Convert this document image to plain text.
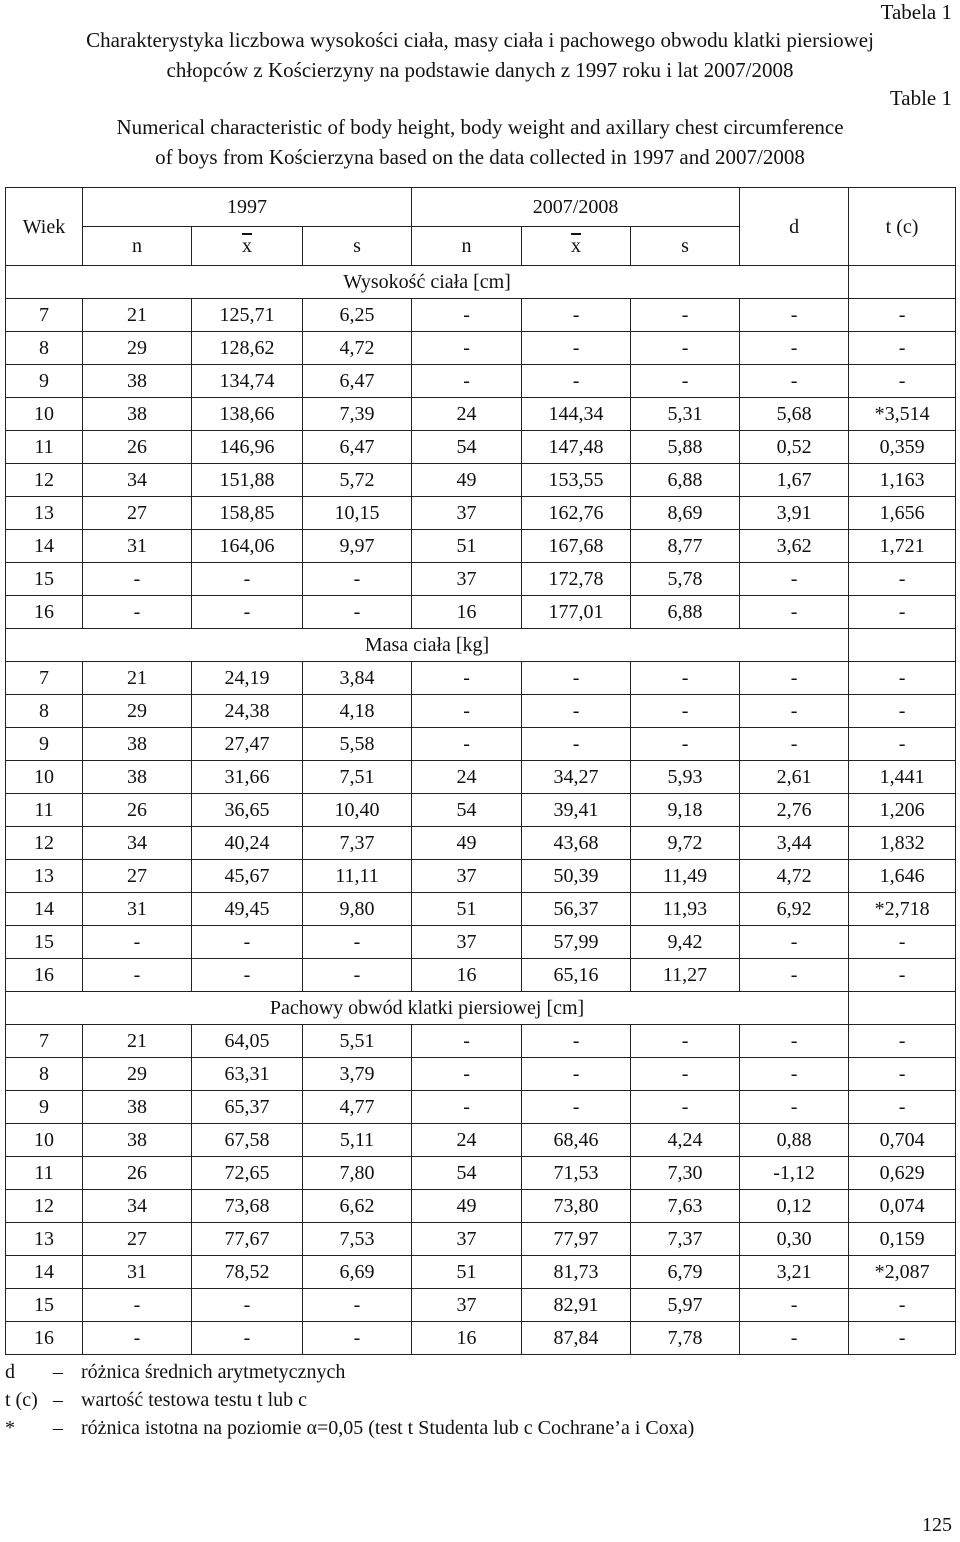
Tabela 1
Charakterystyka liczbowa wysokości ciała, masy ciała i pachowego obwodu klatki piersiowej
chłopców z Kościerzyny na podstawie danych z 1997 roku i lat 2007/2008
Table 1
Numerical characteristic of body height, body weight and axillary chest circumference
of boys from Kościerzyna based on the data collected in 1997 and 2007/2008
Wiek	1997			2007/2008			d	t (c)
	n	$\overline{x}$	s	n	$\overline{x}$	s		
Wysokość ciała [cm]								
7	21	125,71	6,25	-	-	-	-	-
8	29	128,62	4,72	-	-	-	-	-
9	38	134,74	6,47	-	-	-	-	-
10	38	138,66	7,39	24	144,34	5,31	5,68	*3,514
11	26	146,96	6,47	54	147,48	5,88	0,52	0,359
12	34	151,88	5,72	49	153,55	6,88	1,67	1,163
13	27	158,85	10,15	37	162,76	8,69	3,91	1,656
14	31	164,06	9,97	51	167,68	8,77	3,62	1,721
15	-	-	-	37	172,78	5,78	-	-
16	-	-	-	16	177,01	6,88	-	-
Masa ciała [kg]								
7	21	24,19	3,84	-	-	-	-	-
8	29	24,38	4,18	-	-	-	-	-
9	38	27,47	5,58	-	-	-	-	-
10	38	31,66	7,51	24	34,27	5,93	2,61	1,441
11	26	36,65	10,40	54	39,41	9,18	2,76	1,206
12	34	40,24	7,37	49	43,68	9,72	3,44	1,832
13	27	45,67	11,11	37	50,39	11,49	4,72	1,646
14	31	49,45	9,80	51	56,37	11,93	6,92	*2,718
15	-	-	-	37	57,99	9,42	-	-
16	-	-	-	16	65,16	11,27	-	-
Pachowy obwód klatki piersiowej [cm]								
7	21	64,05	5,51	-	-	-	-	-
8	29	63,31	3,79	-	-	-	-	-
9	38	65,37	4,77	-	-	-	-	-
10	38	67,58	5,11	24	68,46	4,24	0,88	0,704
11	26	72,65	7,80	54	71,53	7,30	-1,12	0,629
12	34	73,68	6,62	49	73,80	7,63	0,12	0,074
13	27	77,67	7,53	37	77,97	7,37	0,30	0,159
14	31	78,52	6,69	51	81,73	6,79	3,21	*2,087
15	-	-	-	37	82,91	5,97	-	-
16	-	-	-	16	87,84	7,78	-	-
d	– różnica średnich arytmetycznych
t (c) – wartość testowa testu t lub c
*	– różnica istotna na poziomie α=0,05 (test t Studenta lub c Cochrane’a i Coxa)
125
